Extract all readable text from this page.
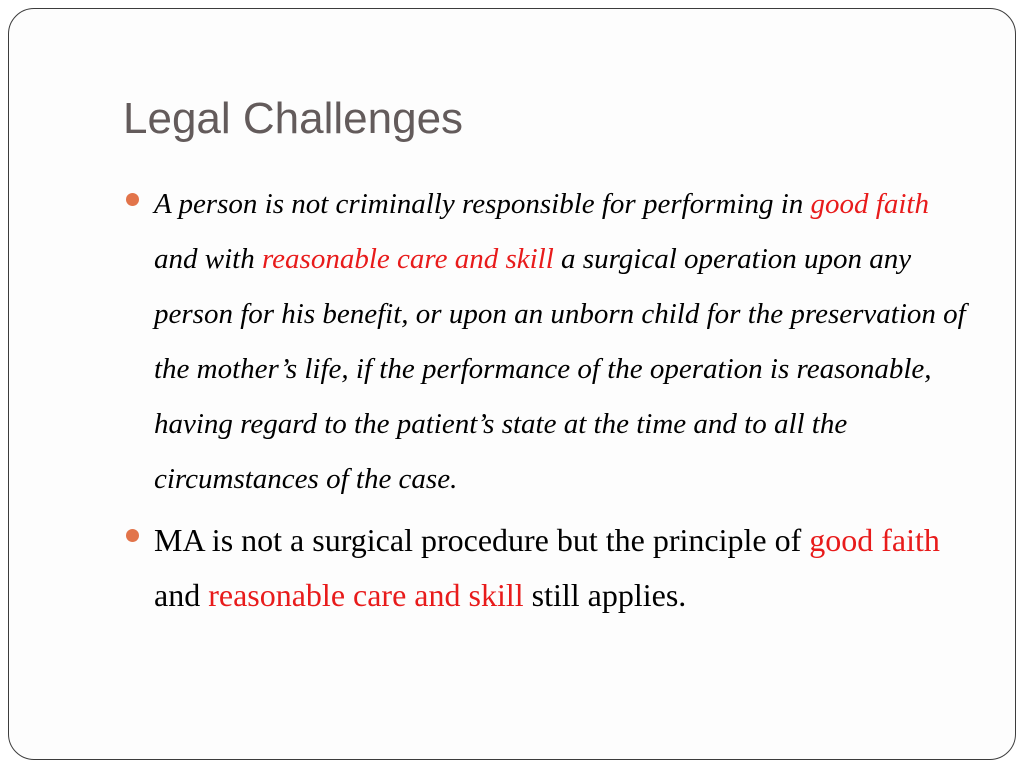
Legal Challenges
A person is not criminally responsible for performing in good faith and with reasonable care and skill a surgical operation upon any person for his benefit, or upon an unborn child for the preservation of the mother’s life, if the performance of the operation is reasonable, having regard to the patient’s state at the time and to all the circumstances of the case.
MA is not a surgical procedure but the principle of good faith and reasonable care and skill still applies.
